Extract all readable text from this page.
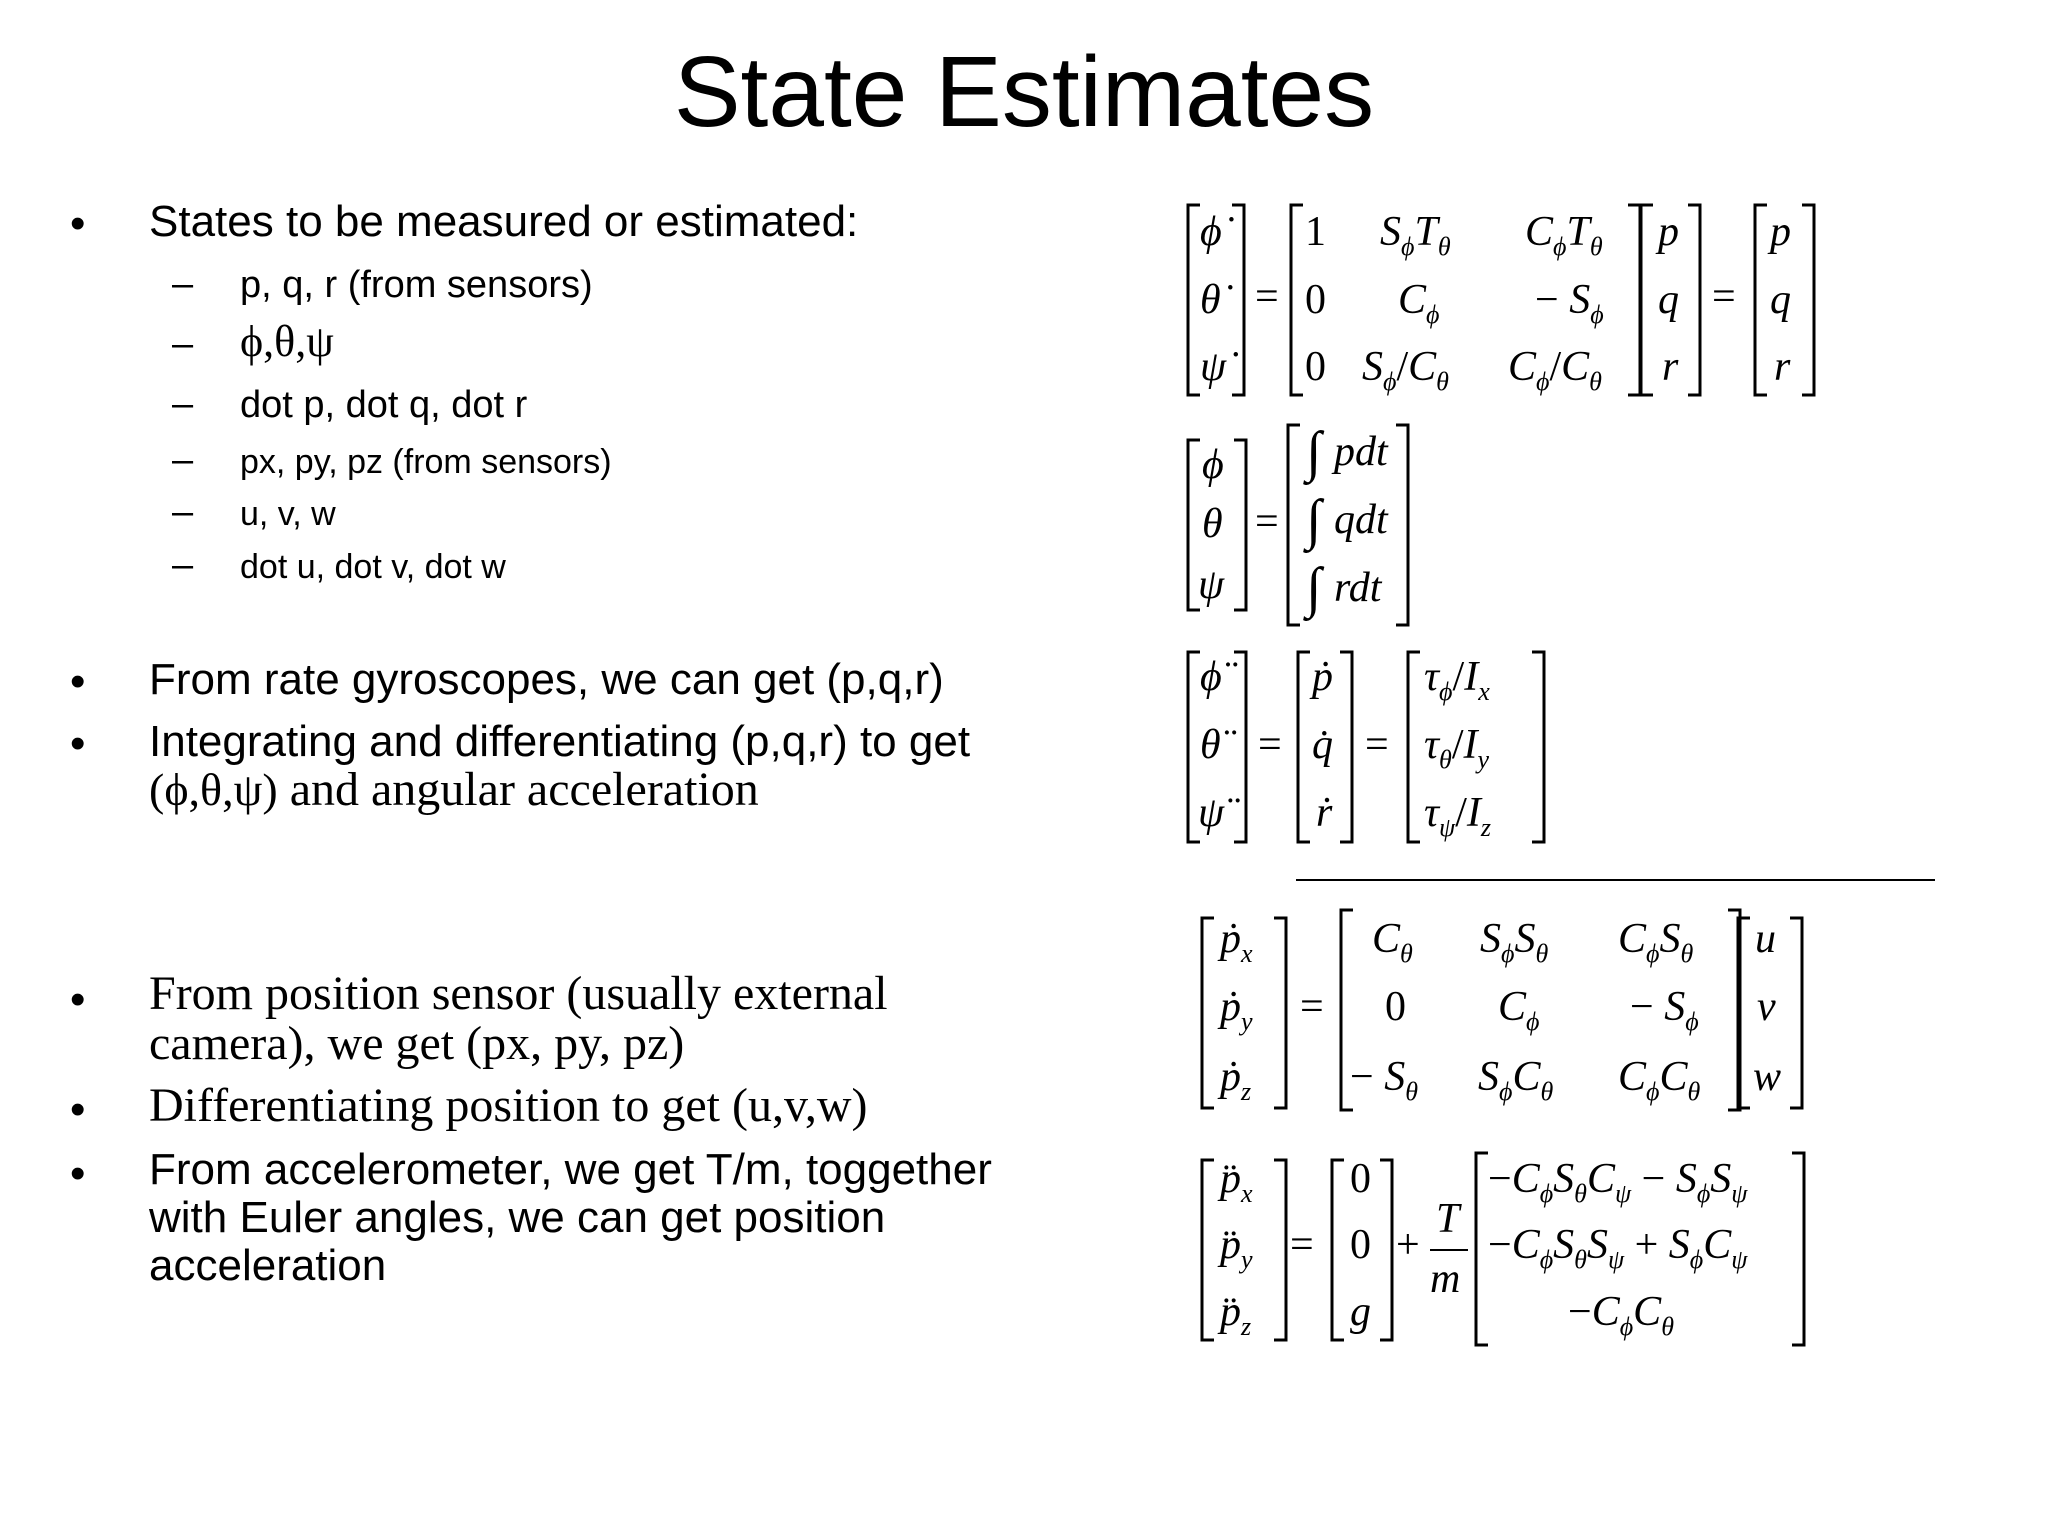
State Estimates
• States to be measured or estimated:
– p, q, r (from sensors)
– ϕ,θ,ψ
– dot p, dot q, dot r
– px, py, pz (from sensors)
– u, v, w
– dot u, dot v, dot w
• From rate gyroscopes, we can get (p,q,r)
• Integrating and differentiating (p,q,r) to get
(ϕ,θ,ψ) and angular acceleration
• From position sensor (usually external
camera), we get (px, py, pz)
• Differentiating position to get (u,v,w)
• From accelerometer, we get T/m, toggether
with Euler angles, we can get position
acceleration
ϕ̇
θ̇
ψ̇
=
1
0
0
$S_\phi T_\theta$ $C_\phi T_\theta$
$C_\phi - S_\phi$
$S_\phi/C_\theta$ $C_\phi/C_\theta$
p
q
r
=
p
q
r
ϕ
θ
ψ
=
∫ pdt
∫ qdt
∫ rdt
ϕ̈
θ̈
ψ̈
=
ṗ
q̇
ṙ
=
$\tau_\phi/I_x$
$\tau_\theta/I_y$
$\tau_\psi/I_z$
ṗ$_x$
ṗ$_y$
ṗ$_z$
=
$C_\theta$ $S_\phi S_\theta$ $C_\phi S_\theta$
0 $C_\phi - S_\phi$
− $S_\theta$ $S_\phi C_\theta$ $C_\phi C_\theta$
u
v
w
$p̈_x$
$p̈_y$
$p̈_z$
=
0
0
g
+
T
m
$-C_\phi S_\theta C_\psi - S_\phi S_\psi$
$-C_\phi S_\theta S_\psi + S_\phi C_\psi$
$-C_\phi C_\theta$
